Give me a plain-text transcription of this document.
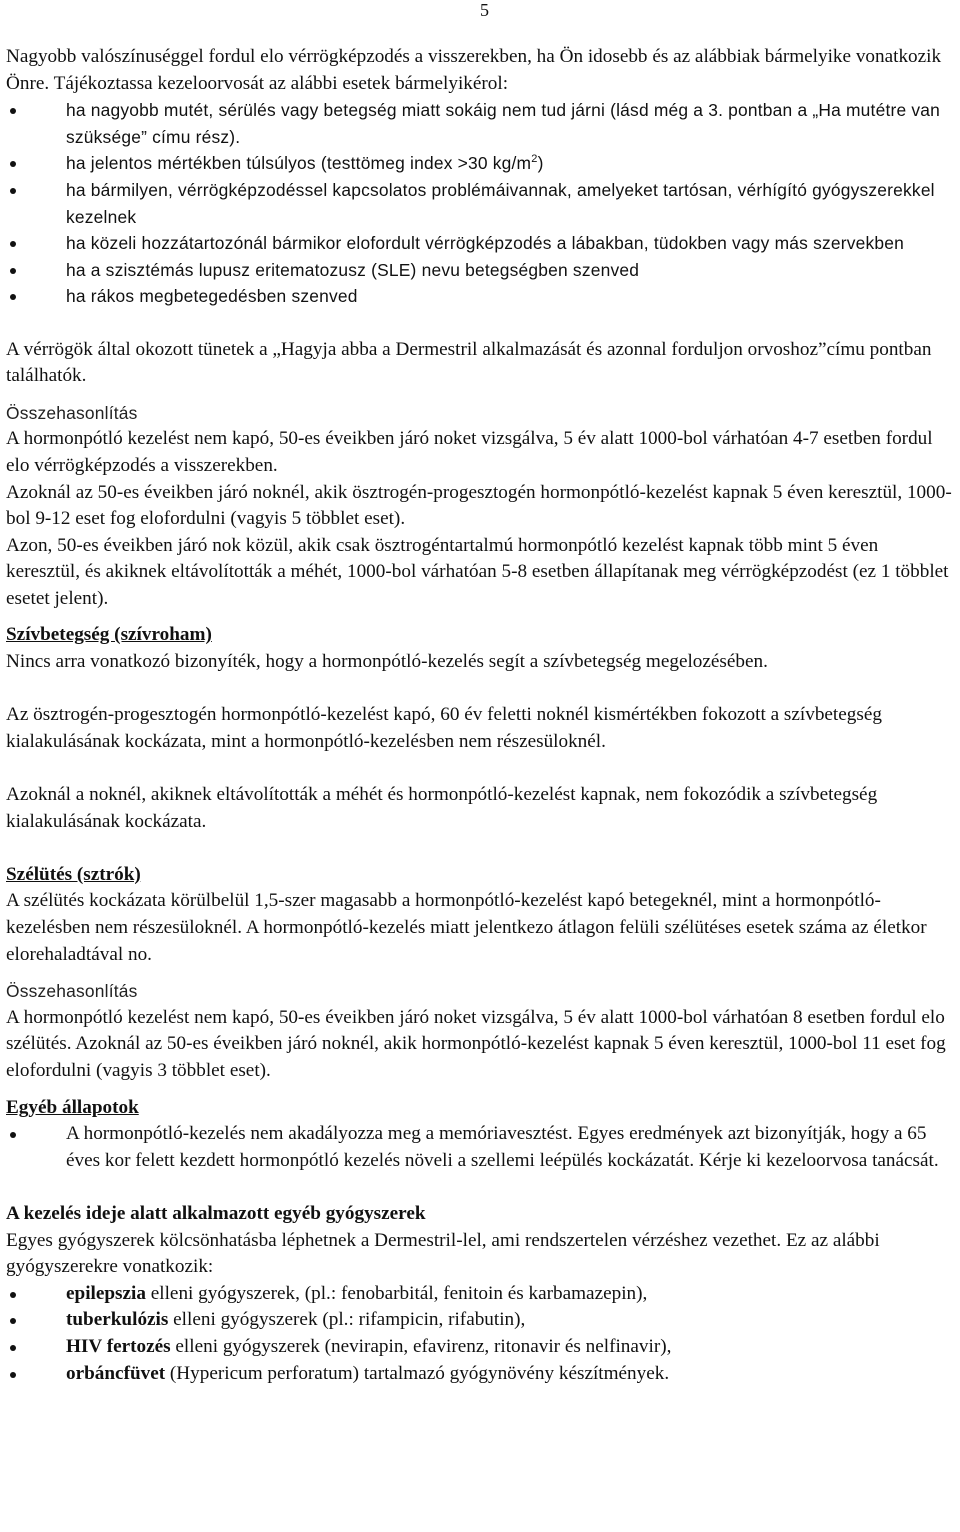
5

Nagyobb valószínuséggel fordul elo vérrögképzodés a visszerekben, ha Ön idosebb és az alábbiak bármelyike vonatkozik Önre. Tájékoztassa kezeloorvosát az alábbi esetek bármelyikérol:

ha nagyobb mutét, sérülés vagy betegség miatt sokáig nem tud járni (lásd még a 3. pontban a „Ha mutétre van szüksége” címu rész).
ha jelentos mértékben túlsúlyos (testtömeg index >30 $kg/m^2$)
ha bármilyen, vérrögképzodéssel kapcsolatos problémáivannak, amelyeket tartósan, vérhígító gyógyszerekkel kezelnek
ha közeli hozzátartozónál bármikor elofordult vérrögképzodés a lábakban, tüdokben vagy más szervekben
ha a szisztémás lupusz eritematozusz (SLE) nevu betegségben szenved
ha rákos megbetegedésben szenved

A vérrögök által okozott tünetek a „Hagyja abba a Dermestril alkalmazását és azonnal forduljon orvoshoz”címu pontban találhatók.

Összehasonlítás

A hormonpótló kezelést nem kapó, 50-es éveikben járó noket vizsgálva, 5 év alatt 1000-bol várhatóan 4-7 esetben fordul elo vérrögképzodés a visszerekben.

Azoknál az 50-es éveikben járó noknél, akik ösztrogén-progesztogén hormonpótló-kezelést kapnak 5 éven keresztül, 1000-bol 9-12 eset fog elofordulni (vagyis 5 többlet eset).

Azon, 50-es éveikben járó nok közül, akik csak ösztrogéntartalmú hormonpótló kezelést kapnak több mint 5 éven keresztül, és akiknek eltávolították a méhét, 1000-bol várhatóan 5-8 esetben állapítanak meg vérrögképzodést (ez 1 többlet esetet jelent).

Szívbetegség (szívroham)

Nincs arra vonatkozó bizonyíték, hogy a hormonpótló-kezelés segít a szívbetegség megelozésében.

Az ösztrogén-progesztogén hormonpótló-kezelést kapó, 60 év feletti noknél kismértékben fokozott a szívbetegség kialakulásának kockázata, mint a hormonpótló-kezelésben nem részesüloknél.

Azoknál a noknél, akiknek eltávolították a méhét és hormonpótló-kezelést kapnak, nem fokozódik a szívbetegség kialakulásának kockázata.

Szélütés (sztrók)

A szélütés kockázata körülbelül 1,5-szer magasabb a hormonpótló-kezelést kapó betegeknél, mint a hormonpótló-kezelésben nem részesüloknél. A hormonpótló-kezelés miatt jelentkezo átlagon felüli szélütéses esetek száma az életkor elorehaladtával no.

Összehasonlítás

A hormonpótló kezelést nem kapó, 50-es éveikben járó noket vizsgálva, 5 év alatt 1000-bol várhatóan 8 esetben fordul elo szélütés. Azoknál az 50-es éveikben járó noknél, akik hormonpótló-kezelést kapnak 5 éven keresztül, 1000-bol 11 eset fog elofordulni (vagyis 3 többlet eset).

Egyéb állapotok

A hormonpótló-kezelés nem akadályozza meg a memóriavesztést. Egyes eredmények azt bizonyítják, hogy a 65 éves kor felett kezdett hormonpótló kezelés növeli a szellemi leépülés kockázatát. Kérje ki kezeloorvosa tanácsát.

A kezelés ideje alatt alkalmazott egyéb gyógyszerek

Egyes gyógyszerek kölcsönhatásba léphetnek a Dermestril-lel, ami rendszertelen vérzéshez vezethet. Ez az alábbi gyógyszerekre vonatkozik:

epilepszia elleni gyógyszerek, (pl.: fenobarbitál, fenitoin és karbamazepin),
tuberkulózis elleni gyógyszerek (pl.: rifampicin, rifabutin),
HIV fertozés elleni gyógyszerek (nevirapin, efavirenz, ritonavir és nelfinavir),
orbáncfüvet (Hypericum perforatum) tartalmazó gyógynövény készítmények.
